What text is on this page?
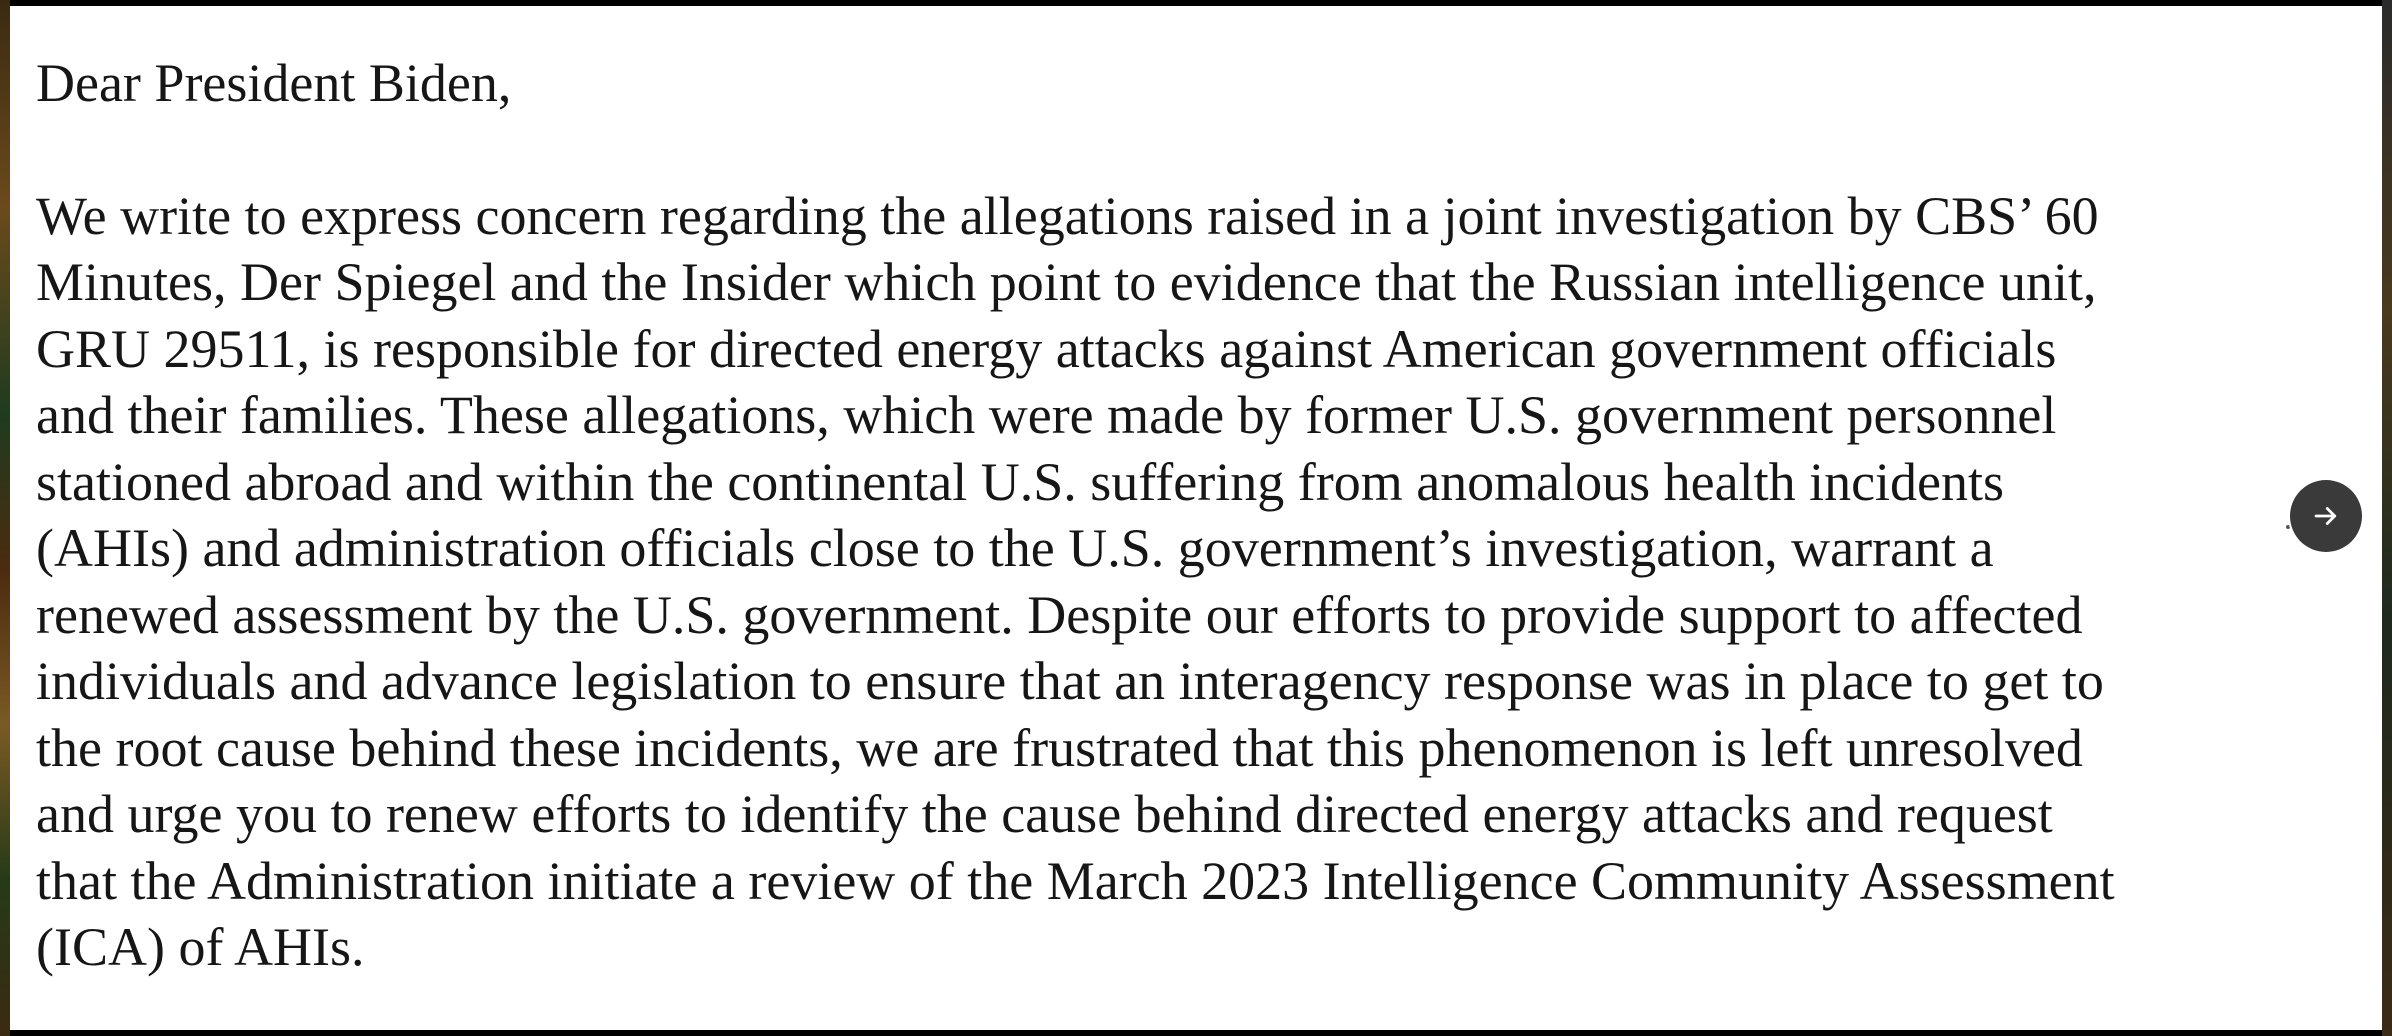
Dear President Biden,

We write to express concern regarding the allegations raised in a joint investigation by CBS’ 60
Minutes, Der Spiegel and the Insider which point to evidence that the Russian intelligence unit,
GRU 29511, is responsible for directed energy attacks against American government officials
and their families. These allegations, which were made by former U.S. government personnel
stationed abroad and within the continental U.S. suffering from anomalous health incidents
(AHIs) and administration officials close to the U.S. government’s investigation, warrant a
renewed assessment by the U.S. government. Despite our efforts to provide support to affected
individuals and advance legislation to ensure that an interagency response was in place to get to
the root cause behind these incidents, we are frustrated that this phenomenon is left unresolved
and urge you to renew efforts to identify the cause behind directed energy attacks and request
that the Administration initiate a review of the March 2023 Intelligence Community Assessment
(ICA) of AHIs.
